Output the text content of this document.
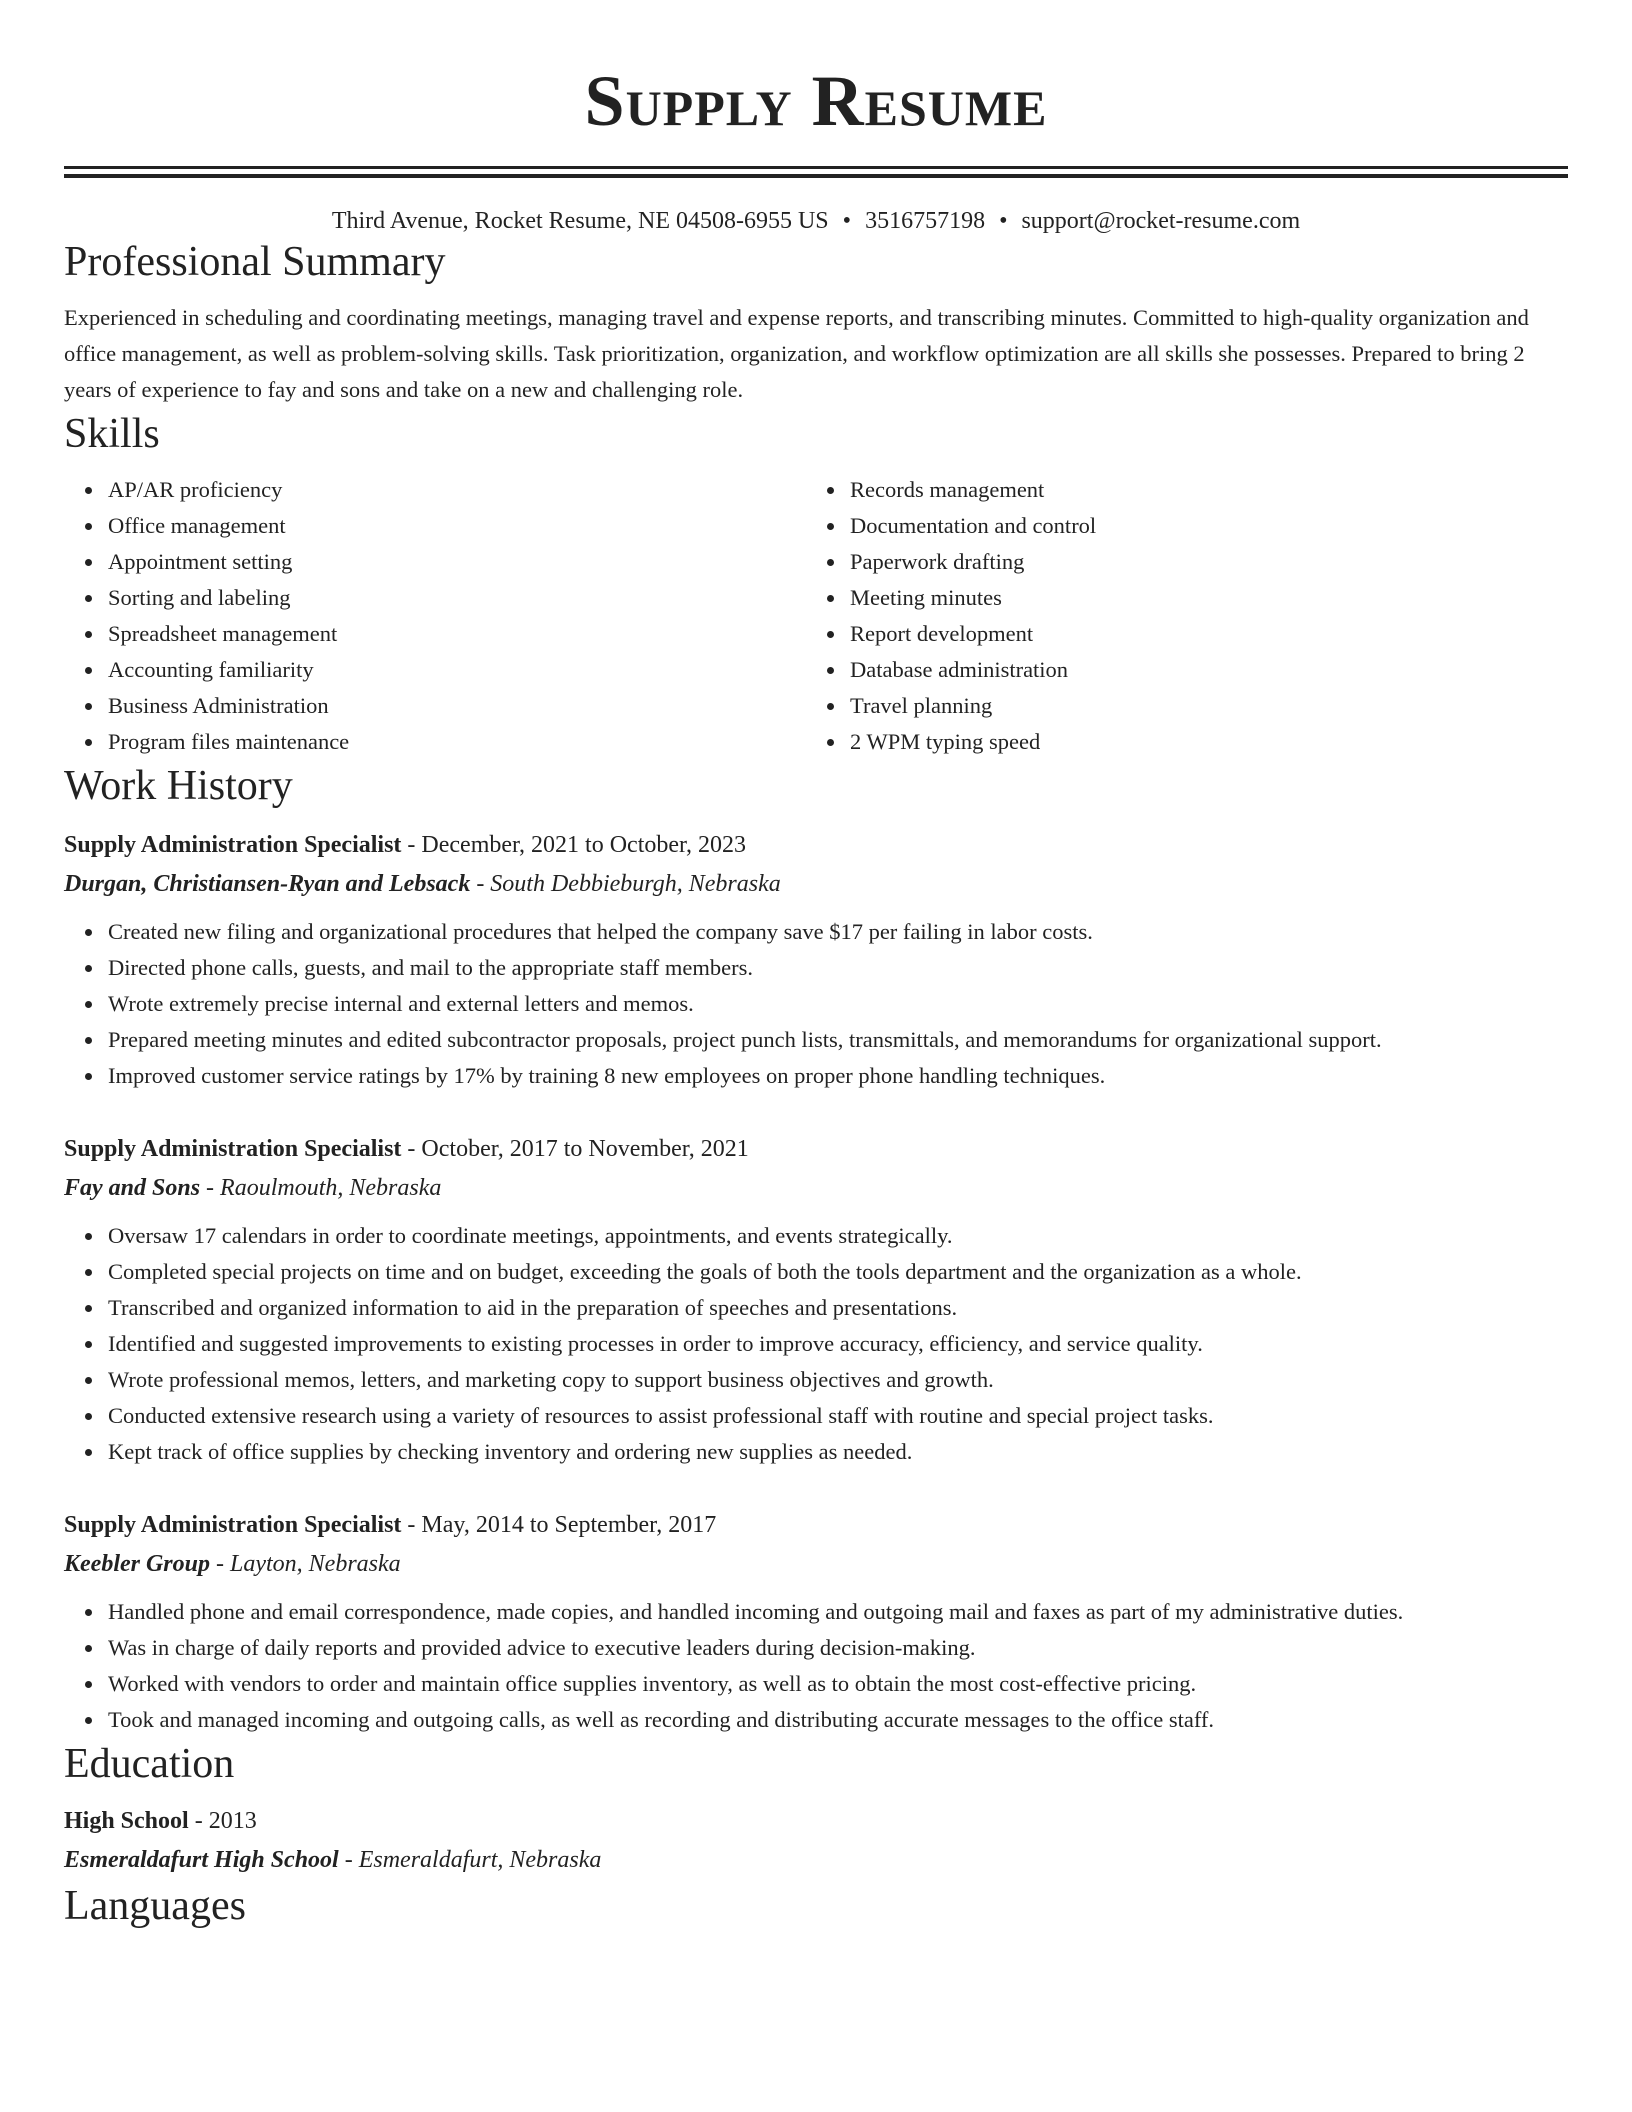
Supply Resume
Third Avenue, Rocket Resume, NE 04508-6955 US • 3516757198 • support@rocket-resume.com
Professional Summary
Experienced in scheduling and coordinating meetings, managing travel and expense reports, and transcribing minutes. Committed to high-quality organization and office management, as well as problem-solving skills. Task prioritization, organization, and workflow optimization are all skills she possesses. Prepared to bring 2 years of experience to fay and sons and take on a new and challenging role.
Skills
AP/AR proficiency
Office management
Appointment setting
Sorting and labeling
Spreadsheet management
Accounting familiarity
Business Administration
Program files maintenance
Records management
Documentation and control
Paperwork drafting
Meeting minutes
Report development
Database administration
Travel planning
2 WPM typing speed
Work History
Supply Administration Specialist - December, 2021 to October, 2023
Durgan, Christiansen-Ryan and Lebsack - South Debbieburgh, Nebraska
Created new filing and organizational procedures that helped the company save $17 per failing in labor costs.
Directed phone calls, guests, and mail to the appropriate staff members.
Wrote extremely precise internal and external letters and memos.
Prepared meeting minutes and edited subcontractor proposals, project punch lists, transmittals, and memorandums for organizational support.
Improved customer service ratings by 17% by training 8 new employees on proper phone handling techniques.
Supply Administration Specialist - October, 2017 to November, 2021
Fay and Sons - Raoulmouth, Nebraska
Oversaw 17 calendars in order to coordinate meetings, appointments, and events strategically.
Completed special projects on time and on budget, exceeding the goals of both the tools department and the organization as a whole.
Transcribed and organized information to aid in the preparation of speeches and presentations.
Identified and suggested improvements to existing processes in order to improve accuracy, efficiency, and service quality.
Wrote professional memos, letters, and marketing copy to support business objectives and growth.
Conducted extensive research using a variety of resources to assist professional staff with routine and special project tasks.
Kept track of office supplies by checking inventory and ordering new supplies as needed.
Supply Administration Specialist - May, 2014 to September, 2017
Keebler Group - Layton, Nebraska
Handled phone and email correspondence, made copies, and handled incoming and outgoing mail and faxes as part of my administrative duties.
Was in charge of daily reports and provided advice to executive leaders during decision-making.
Worked with vendors to order and maintain office supplies inventory, as well as to obtain the most cost-effective pricing.
Took and managed incoming and outgoing calls, as well as recording and distributing accurate messages to the office staff.
Education
High School - 2013
Esmeraldafurt High School - Esmeraldafurt, Nebraska
Languages
